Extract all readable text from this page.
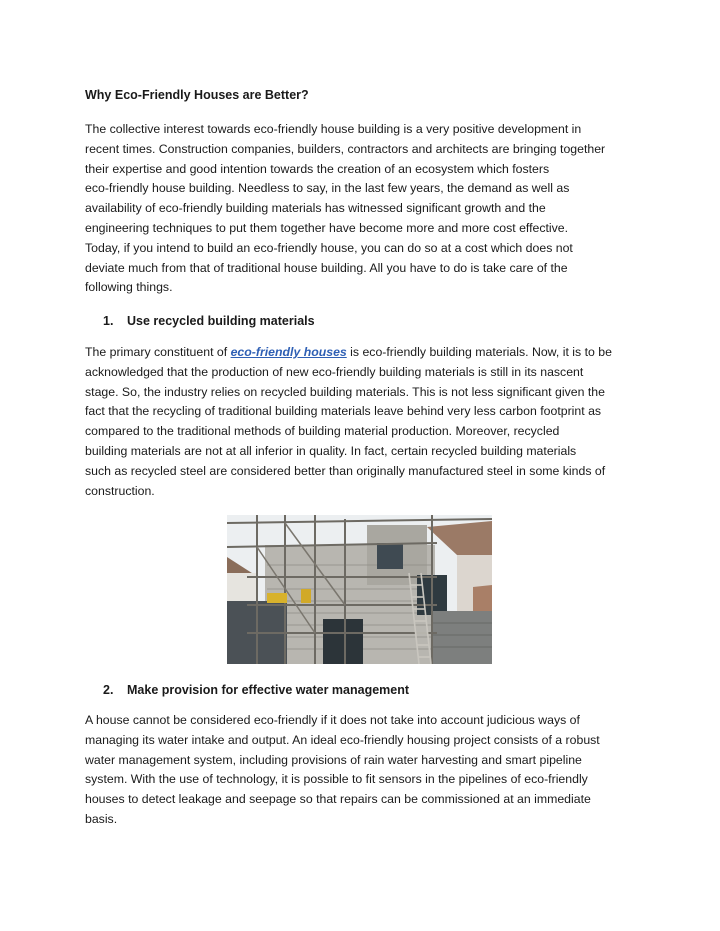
Why Eco-Friendly Houses are Better?

The collective interest towards eco-friendly house building is a very positive development in
recent times. Construction companies, builders, contractors and architects are bringing together
their expertise and good intention towards the creation of an ecosystem which fosters
eco-friendly house building. Needless to say, in the last few years, the demand as well as
availability of eco-friendly building materials has witnessed significant growth and the
engineering techniques to put them together have become more and more cost effective.
Today, if you intend to build an eco-friendly house, you can do so at a cost which does not
deviate much from that of traditional house building. All you have to do is take care of the
following things.

1. Use recycled building materials

The primary constituent of eco-friendly houses is eco-friendly building materials. Now, it is to be
acknowledged that the production of new eco-friendly building materials is still in its nascent
stage. So, the industry relies on recycled building materials. This is not less significant given the
fact that the recycling of traditional building materials leave behind very less carbon footprint as
compared to the traditional methods of building material production. Moreover, recycled
building materials are not at all inferior in quality. In fact, certain recycled building materials
such as recycled steel are considered better than originally manufactured steel in some kinds of
construction.

2. Make provision for effective water management

A house cannot be considered eco-friendly if it does not take into account judicious ways of
managing its water intake and output. An ideal eco-friendly housing project consists of a robust
water management system, including provisions of rain water harvesting and smart pipeline
system. With the use of technology, it is possible to fit sensors in the pipelines of eco-friendly
houses to detect leakage and seepage so that repairs can be commissioned at an immediate
basis.
